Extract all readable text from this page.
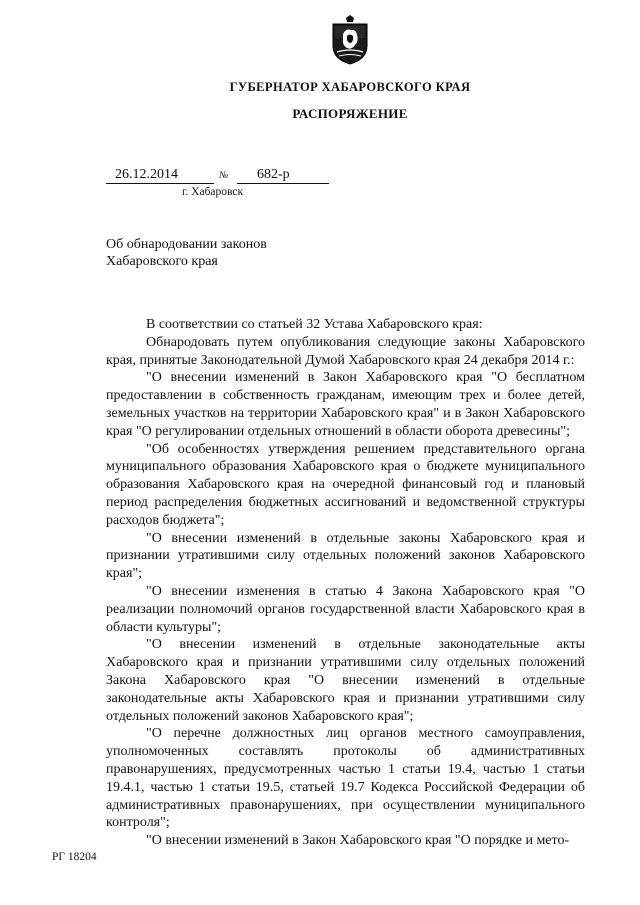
ГУБЕРНАТОР ХАБАРОВСКОГО КРАЯ
РАСПОРЯЖЕНИЕ
26.12.2014	№	682-р
г. Хабаровск
Об обнародовании законов
Хабаровского края

В соответствии со статьей 32 Устава Хабаровского края:

Обнародовать путем опубликования следующие законы Хабаровского края, принятые Законодательной Думой Хабаровского края 24 декабря 2014 г.:

"О внесении изменений в Закон Хабаровского края "О бесплатном предоставлении в собственность гражданам, имеющим трех и более детей, земельных участков на территории Хабаровского края" и в Закон Хабаровского края "О регулировании отдельных отношений в области оборота древесины";

"Об особенностях утверждения решением представительного органа муниципального образования Хабаровского края о бюджете муниципального образования Хабаровского края на очередной финансовый год и плановый период распределения бюджетных ассигнований и ведомственной структуры расходов бюджета";

"О внесении изменений в отдельные законы Хабаровского края и признании утратившими силу отдельных положений законов Хабаровского края";

"О внесении изменения в статью 4 Закона Хабаровского края "О реализации полномочий органов государственной власти Хабаровского края в области культуры";

"О внесении изменений в отдельные законодательные акты Хабаровского края и признании утратившими силу отдельных положений Закона Хабаровского края "О внесении изменений в отдельные законодательные акты Хабаровского края и признании утратившими силу отдельных положений законов Хабаровского края";

"О перечне должностных лиц органов местного самоуправления, уполномоченных составлять протоколы об административных правонарушениях, предусмотренных частью 1 статьи 19.4, частью 1 статьи 19.4.1, частью 1 статьи 19.5, статьей 19.7 Кодекса Российской Федерации об административных правонарушениях, при осуществлении муниципального контроля";

"О внесении изменений в Закон Хабаровского края "О порядке и мето-

РГ 18204
